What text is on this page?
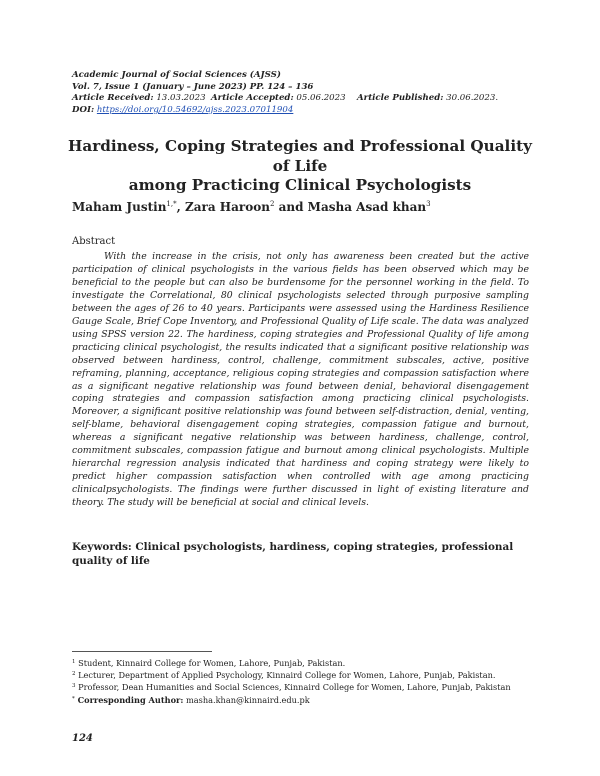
Academic Journal of Social Sciences (AJSS)
Vol. 7, Issue 1 (January – June 2023) PP. 124 – 136
Article Received: 13.03.2023 Article Accepted: 05.06.2023 Article Published: 30.06.2023.
DOI: https://doi.org/10.54692/ajss.2023.07011904
Hardiness, Coping Strategies and Professional Quality of Life
among Practicing Clinical Psychologists
Maham Justin$^{1,*}$, Zara Haroon$^2$ and Masha Asad khan$^3$
Abstract
With the increase in the crisis, not only has awareness been created but the active participation of clinical psychologists in the various fields has been observed which may be beneficial to the people but can also be burdensome for the personnel working in the field. To investigate the Correlational, 80 clinical psychologists selected through purposive sampling between the ages of 26 to 40 years. Participants were assessed using the Hardiness Resilience Gauge Scale, Brief Cope Inventory, and Professional Quality of Life scale. The data was analyzed using SPSS version 22. The hardiness, coping strategies and Professional Quality of life among practicing clinical psychologist, the results indicated that a significant positive relationship was observed between hardiness, control, challenge, commitment subscales, active, positive reframing, planning, acceptance, religious coping strategies and compassion satisfaction where as a significant negative relationship was found between denial, behavioral disengagement coping strategies and compassion satisfaction among practicing clinical psychologists. Moreover, a significant positive relationship was found between self-distraction, denial, venting, self-blame, behavioral disengagement coping strategies, compassion fatigue and burnout, whereas a significant negative relationship was between hardiness, challenge, control, commitment subscales, compassion fatigue and burnout among clinical psychologists. Multiple hierarchal regression analysis indicated that hardiness and coping strategy were likely to predict higher compassion satisfaction when controlled with age among practicing clinicalpsychologists. The findings were further discussed in light of existing literature and theory. The study will be beneficial at social and clinical levels.
Keywords: Clinical psychologists, hardiness, coping strategies, professional quality of life
$^1$ Student, Kinnaird College for Women, Lahore, Punjab, Pakistan.
$^2$ Lecturer, Department of Applied Psychology, Kinnaird College for Women, Lahore, Punjab, Pakistan.
$^3$ Professor, Dean Humanities and Social Sciences, Kinnaird College for Women, Lahore, Punjab, Pakistan
* Corresponding Author: masha.khan@kinnaird.edu.pk
124
